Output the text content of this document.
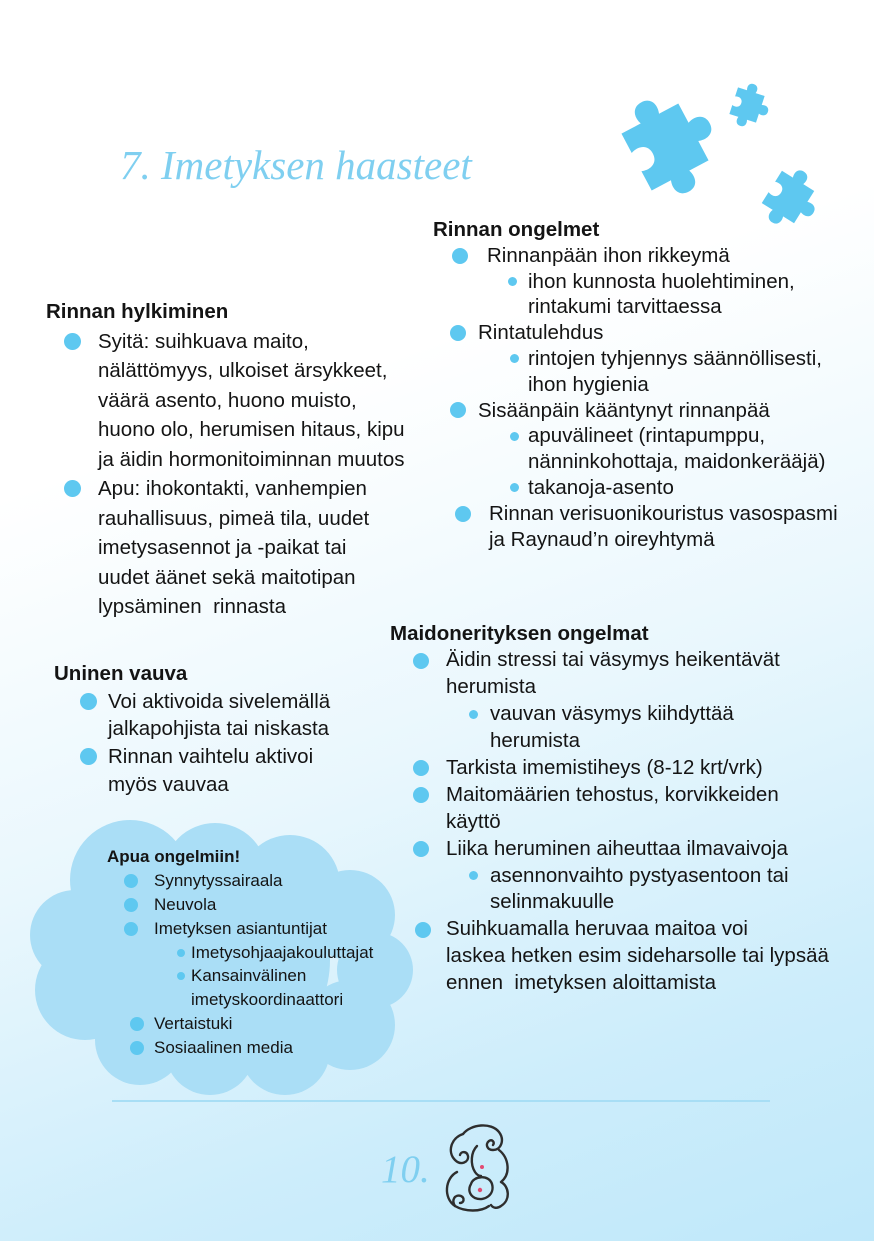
7. Imetyksen haasteet
Rinnan ongelmet
Rinnanpään ihon rikkeymä
ihon kunnosta huolehtiminen,
rintakumi tarvittaessa
Rintatulehdus
rintojen tyhjennys säännöllisesti,
ihon hygienia
Sisäänpäin kääntynyt rinnanpää
apuvälineet (rintapumppu,
nänninkohottaja, maidonkerääjä)
takanoja-asento
Rinnan verisuonikouristus vasospasmi
ja Raynaud’n oireyhtymä
Rinnan hylkiminen
Syitä: suihkuava maito,
nälättömyys, ulkoiset ärsykkeet,
väärä asento, huono muisto,
huono olo, herumisen hitaus, kipu
ja äidin hormonitoiminnan muutos
Apu: ihokontakti, vanhempien
rauhallisuus, pimeä tila, uudet
imetysasennot ja -paikat tai
uudet äänet sekä maitotipan
lypsäminen  rinnasta
Maidonerityksen ongelmat
Äidin stressi tai väsymys heikentävät
herumista
vauvan väsymys kiihdyttää
herumista
Tarkista imemistiheys (8-12 krt/vrk)
Maitomäärien tehostus, korvikkeiden
käyttö
Liika heruminen aiheuttaa ilmavaivoja
asennonvaihto pystyasentoon tai
selinmakuulle
Suihkuamalla heruvaa maitoa voi
laskea hetken esim sideharsolle tai lypsää
ennen  imetyksen aloittamista
Uninen vauva
Voi aktivoida sivelemällä
jalkapohjista tai niskasta
Rinnan vaihtelu aktivoi
myös vauvaa
Apua ongelmiin!
Synnytyssairaala
Neuvola
Imetyksen asiantuntijat
Imetysohjaajakouluttajat
Kansainvälinen
imetyskoordinaattori
Vertaistuki
Sosiaalinen media
10.
